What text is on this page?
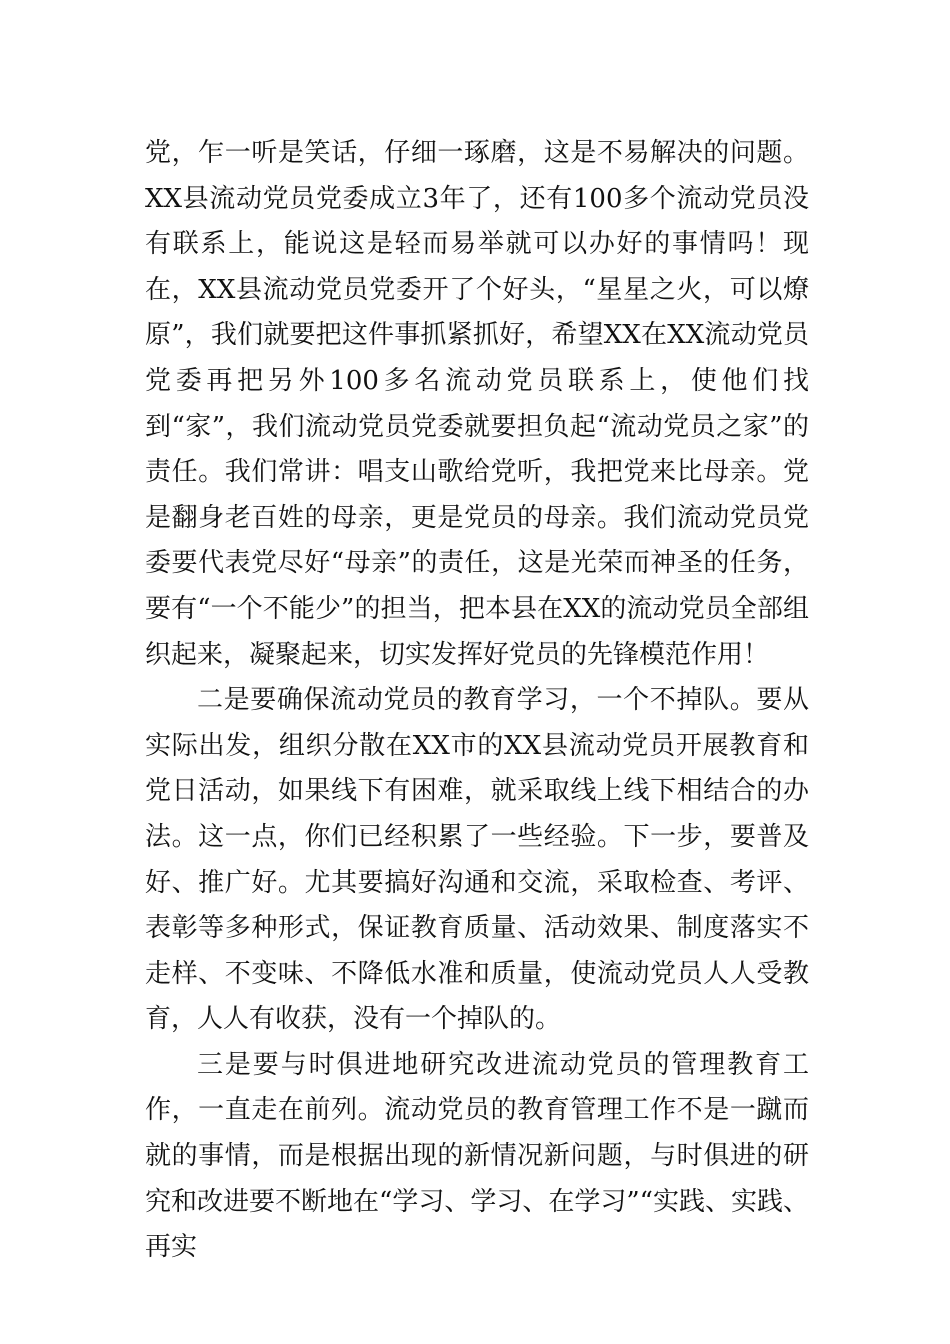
党，乍一听是笑话，仔细一琢磨，这是不易解决的问题。XX县流动党员党委成立3年了，还有100多个流动党员没有联系上，能说这是轻而易举就可以办好的事情吗！现在，XX县流动党员党委开了个好头，“星星之火，可以燎原”，我们就要把这件事抓紧抓好，希望XX在XX流动党员党委再把另外100多名流动党员联系上，使他们找到“家”，我们流动党员党委就要担负起“流动党员之家”的责任。我们常讲：唱支山歌给党听，我把党来比母亲。党是翻身老百姓的母亲，更是党员的母亲。我们流动党员党委要代表党尽好“母亲”的责任，这是光荣而神圣的任务，要有“一个不能少”的担当，把本县在XX的流动党员全部组织起来，凝聚起来，切实发挥好党员的先锋模范作用！

二是要确保流动党员的教育学习，一个不掉队。要从实际出发，组织分散在XX市的XX县流动党员开展教育和党日活动，如果线下有困难，就采取线上线下相结合的办法。这一点，你们已经积累了一些经验。下一步，要普及好、推广好。尤其要搞好沟通和交流，采取检查、考评、表彰等多种形式，保证教育质量、活动效果、制度落实不走样、不变味、不降低水准和质量，使流动党员人人受教育，人人有收获，没有一个掉队的。

三是要与时俱进地研究改进流动党员的管理教育工作，一直走在前列。流动党员的教育管理工作不是一蹴而就的事情，而是根据出现的新情况新问题，与时俱进的研究和改进要不断地在“学习、学习、在学习”“实践、实践、再实
